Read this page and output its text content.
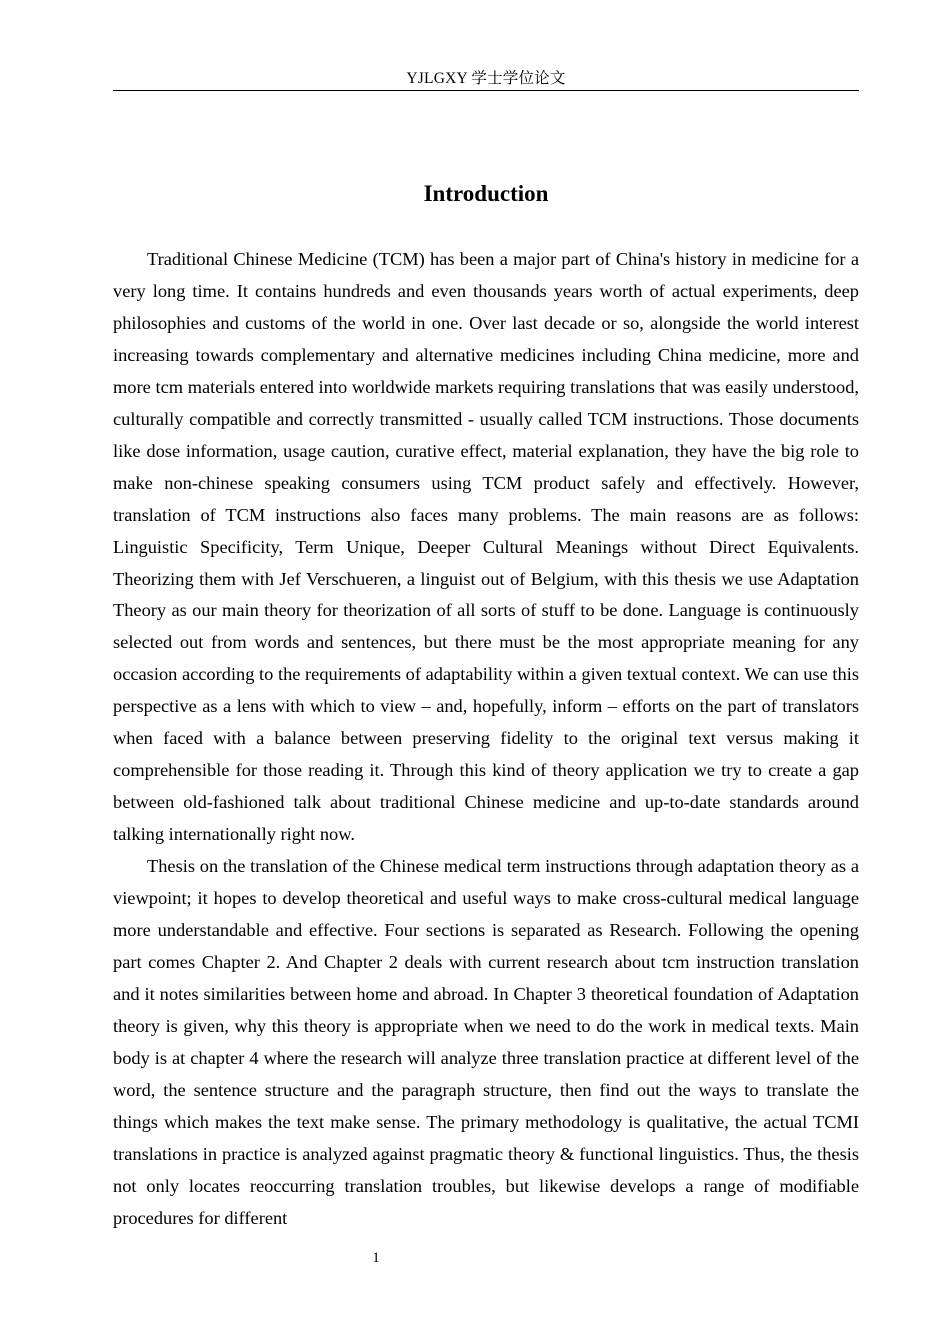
YJLGXY 学士学位论文
Introduction

Traditional Chinese Medicine (TCM) has been a major part of China's history in medicine for a very long time. It contains hundreds and even thousands years worth of actual experiments, deep philosophies and customs of the world in one. Over last decade or so, alongside the world interest increasing towards complementary and alternative medicines including China medicine, more and more tcm materials entered into worldwide markets requiring translations that was easily understood, culturally compatible and correctly transmitted - usually called TCM instructions. Those documents like dose information, usage caution, curative effect, material explanation, they have the big role to make non-chinese speaking consumers using TCM product safely and effectively. However, translation of TCM instructions also faces many problems. The main reasons are as follows: Linguistic Specificity, Term Unique, Deeper Cultural Meanings without Direct Equivalents. Theorizing them with Jef Verschueren, a linguist out of Belgium, with this thesis we use Adaptation Theory as our main theory for theorization of all sorts of stuff to be done. Language is continuously selected out from words and sentences, but there must be the most appropriate meaning for any occasion according to the requirements of adaptability within a given textual context. We can use this perspective as a lens with which to view – and, hopefully, inform – efforts on the part of translators when faced with a balance between preserving fidelity to the original text versus making it comprehensible for those reading it. Through this kind of theory application we try to create a gap between old-fashioned talk about traditional Chinese medicine and up-to-date standards around talking internationally right now.

Thesis on the translation of the Chinese medical term instructions through adaptation theory as a viewpoint; it hopes to develop theoretical and useful ways to make cross-cultural medical language more understandable and effective. Four sections is separated as Research. Following the opening part comes Chapter 2. And Chapter 2 deals with current research about tcm instruction translation and it notes similarities between home and abroad. In Chapter 3 theoretical foundation of Adaptation theory is given, why this theory is appropriate when we need to do the work in medical texts. Main body is at chapter 4 where the research will analyze three translation practice at different level of the word, the sentence structure and the paragraph structure, then find out the ways to translate the things which makes the text make sense. The primary methodology is qualitative, the actual TCMI translations in practice is analyzed against pragmatic theory & functional linguistics. Thus, the thesis not only locates reoccurring translation troubles, but likewise develops a range of modifiable procedures for different

1
